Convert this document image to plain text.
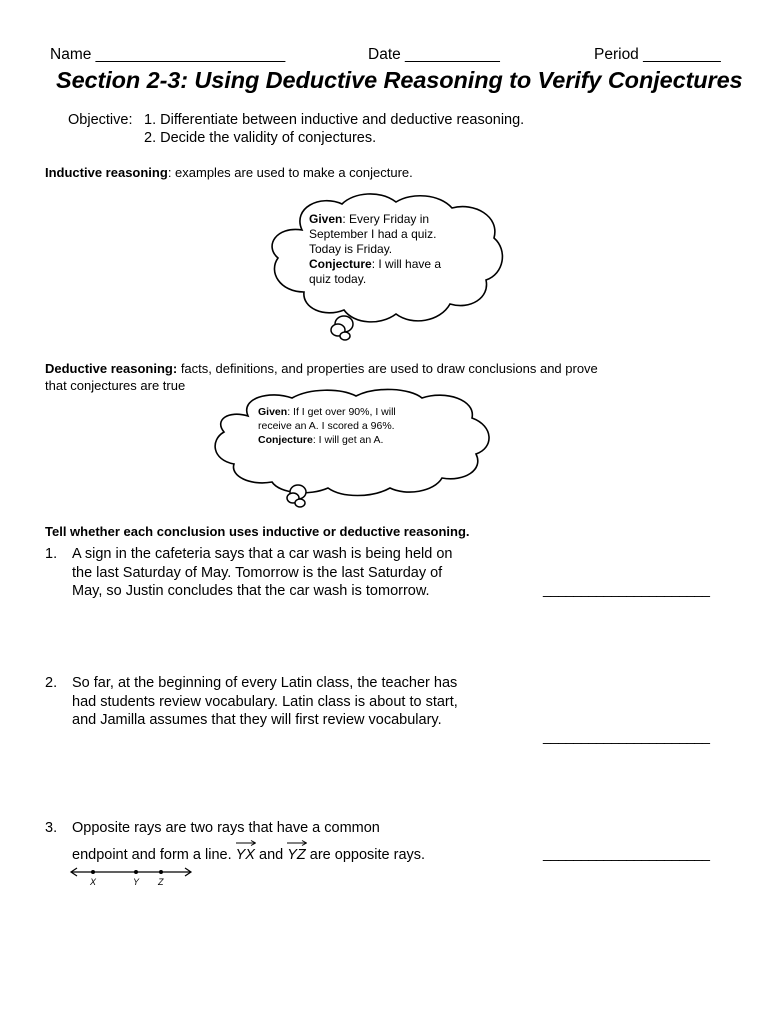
Name ______________________	Date ___________	Period _________
Section 2-3: Using Deductive Reasoning to Verify Conjectures
Objective: 1. Differentiate between inductive and deductive reasoning.
2. Decide the validity of conjectures.
Inductive reasoning: examples are used to make a conjecture.
Given: Every Friday in September I had a quiz. Today is Friday. Conjecture: I will have a quiz today.
Deductive reasoning: facts, definitions, and properties are used to draw conclusions and prove
that conjectures are true
Given: If I get over 90%, I will receive an A. I scored a 96%. Conjecture: I will get an A.
Tell whether each conclusion uses inductive or deductive reasoning.
1. A sign in the cafeteria says that a car wash is being held on the last Saturday of May. Tomorrow is the last Saturday of May, so Justin concludes that the car wash is tomorrow.	______________________
2. So far, at the beginning of every Latin class, the teacher has had students review vocabulary. Latin class is about to start, and Jamilla assumes that they will first review vocabulary.
______________________
3. Opposite rays are two rays that have a common
endpoint and form a line.
YX and
YZ are opposite rays.	______________________
X	Y Z
